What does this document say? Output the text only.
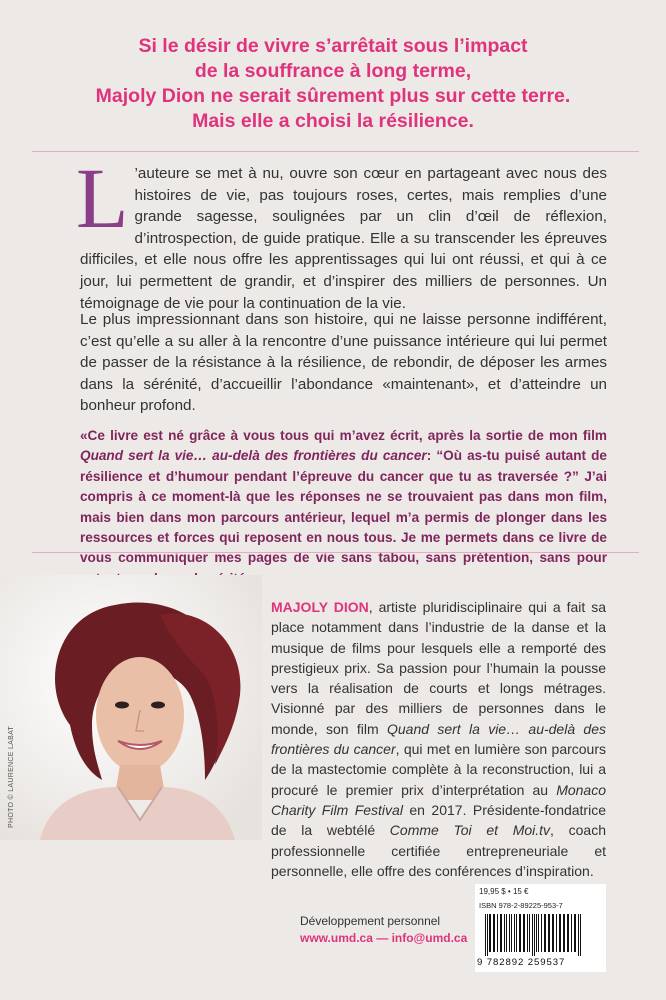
Si le désir de vivre s’arrêtait sous l’impact
de la souffrance à long terme,
Majoly Dion ne serait sûrement plus sur cette terre.
Mais elle a choisi la résilience.
L ’auteure se met à nu, ouvre son cœur en partageant avec nous des histoires de vie, pas toujours roses, certes, mais remplies d’une grande sagesse, soulignées par un clin d’œil de réflexion, d’introspection, de guide pratique. Elle a su transcender les épreuves difficiles, et elle nous offre les apprentissages qui lui ont réussi, et qui à ce jour, lui permettent de grandir, et d’inspirer des milliers de personnes. Un témoignage de vie pour la continuation de la vie.
Le plus impressionnant dans son histoire, qui ne laisse personne indifférent, c’est qu’elle a su aller à la rencontre d’une puissance intérieure qui lui permet de passer de la résistance à la résilience, de rebondir, de déposer les armes dans la sérénité, d’accueillir l’abondance «maintenant», et d’atteindre un bonheur profond.
«Ce livre est né grâce à vous tous qui m’avez écrit, après la sortie de mon film Quand sert la vie… au-delà des frontières du cancer: “Où as-tu puisé autant de résilience et d’humour pendant l’épreuve du cancer que tu as traversée ?” J’ai compris à ce moment-là que les réponses ne se trouvaient pas dans mon film, mais bien dans mon parcours antérieur, lequel m’a permis de plonger dans les ressources et forces qui reposent en nous tous. Je me permets dans ce livre de vous communiquer mes pages de vie sans tabou, sans prétention, sans pour
PHOTO © LAURENCE LABAT
MAJOLY DION, artiste pluridisciplinaire qui a fait sa place notamment dans l’industrie de la danse et la musique de films pour lesquels elle a remporté des prestigieux prix. Sa passion pour l’humain la pousse vers la réalisation de courts et longs métrages. Visionné par des milliers de personnes dans le monde, son film Quand sert la vie… au-delà des frontières du cancer, qui met en lumière son parcours de la mastectomie complète à la reconstruction, lui a procuré le premier prix d’interprétation au Monaco Charity Film Festival en 2017. Présidente-fondatrice de la webtélé Comme Toi et Moi.tv, coach professionnelle certifiée entrepreneuriale et personnelle, elle offre des conférences d’inspiration.
Développement personnel
www.umd.ca — info@umd.ca
19,95 $ • 15 €
ISBN 978-2-89225-953-7
9 782892 259537
